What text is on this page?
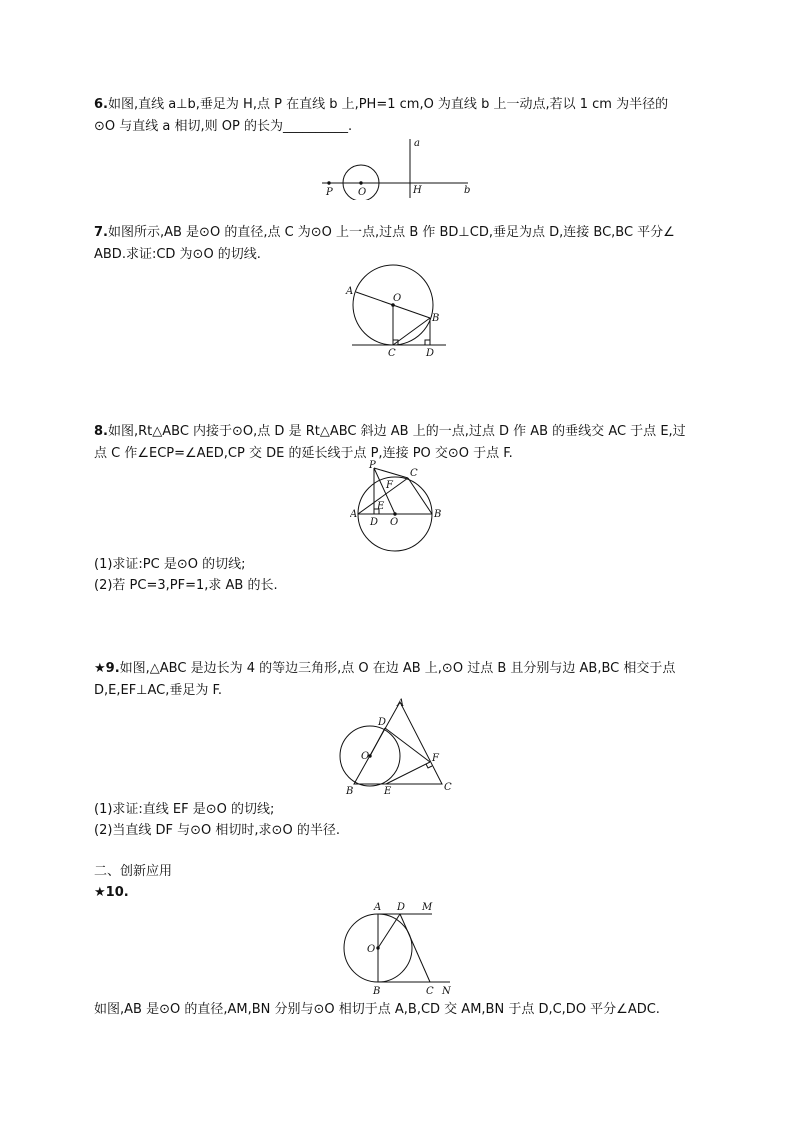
6.如图,直线 a⊥b,垂足为 H,点 P 在直线 b 上,PH=1 cm,O 为直线 b 上一动点,若以 1 cm 为半径的
⊙O 与直线 a 相切,则 OP 的长为__________.
a
b
P	O	H
7.如图所示,AB 是⊙O 的直径,点 C 为⊙O 上一点,过点 B 作 BD⊥CD,垂足为点 D,连接 BC,BC 平分∠
ABD.求证:CD 为⊙O 的切线.
A
O
B
C	D
8.如图,Rt△ABC 内接于⊙O,点 D 是 Rt△ABC 斜边 AB 上的一点,过点 D 作 AB 的垂线交 AC 于点 E,过
点 C 作∠ECP=∠AED,CP 交 DE 的延长线于点 P,连接 PO 交⊙O 于点 F.
P
C
F
E
A
D O
B
(1)求证:PC 是⊙O 的切线;
(2)若 PC=3,PF=1,求 AB 的长.
★9.如图,△ABC 是边长为 4 的等边三角形,点 O 在边 AB 上,⊙O 过点 B 且分别与边 AB,BC 相交于点
D,E,EF⊥AC,垂足为 F.
A
D
O	F
B	E	C
(1)求证:直线 EF 是⊙O 的切线;
(2)当直线 DF 与⊙O 相切时,求⊙O 的半径.
二、创新应用
★10.
A D M
O
B	C N
如图,AB 是⊙O 的直径,AM,BN 分别与⊙O 相切于点 A,B,CD 交 AM,BN 于点 D,C,DO 平分∠ADC.
